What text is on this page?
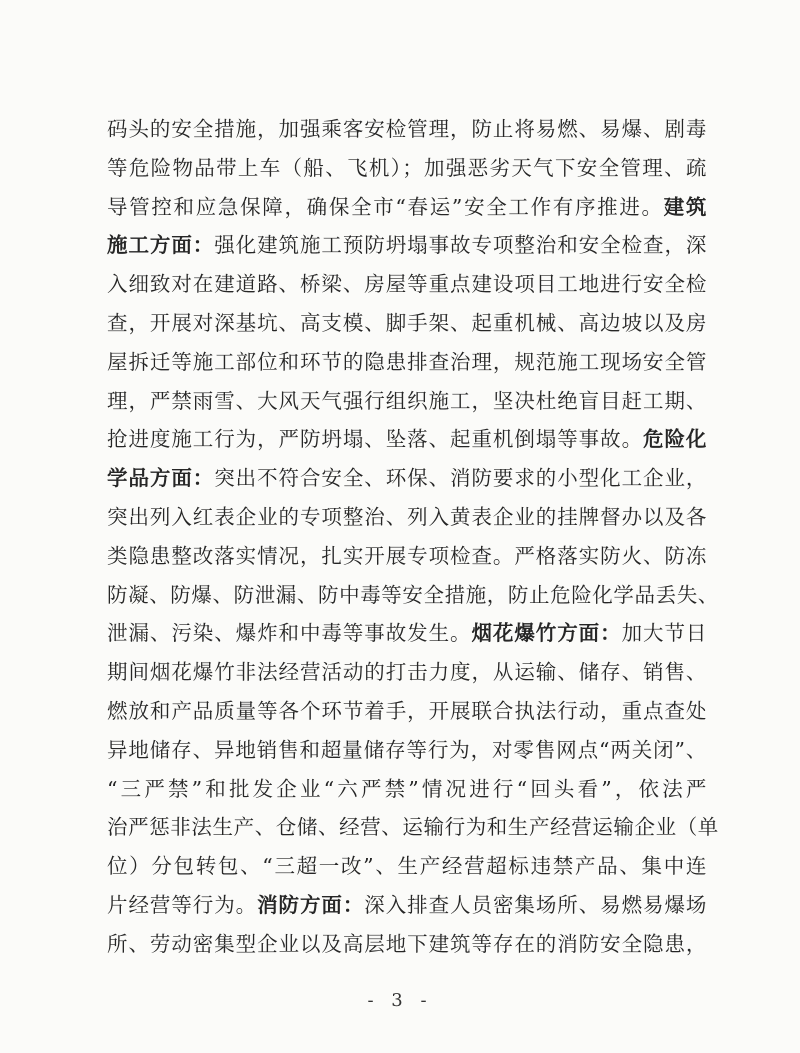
码头的安全措施，加强乘客安检管理，防止将易燃、易爆、剧毒
等危险物品带上车（船、飞机）；加强恶劣天气下安全管理、疏
导管控和应急保障，确保全市“春运”安全工作有序推进。建筑
施工方面：强化建筑施工预防坍塌事故专项整治和安全检查，深
入细致对在建道路、桥梁、房屋等重点建设项目工地进行安全检
查，开展对深基坑、高支模、脚手架、起重机械、高边坡以及房
屋拆迁等施工部位和环节的隐患排查治理，规范施工现场安全管
理，严禁雨雪、大风天气强行组织施工，坚决杜绝盲目赶工期、
抢进度施工行为，严防坍塌、坠落、起重机倒塌等事故。危险化
学品方面：突出不符合安全、环保、消防要求的小型化工企业，
突出列入红表企业的专项整治、列入黄表企业的挂牌督办以及各
类隐患整改落实情况，扎实开展专项检查。严格落实防火、防冻
防凝、防爆、防泄漏、防中毒等安全措施，防止危险化学品丢失、
泄漏、污染、爆炸和中毒等事故发生。烟花爆竹方面：加大节日
期间烟花爆竹非法经营活动的打击力度，从运输、储存、销售、
燃放和产品质量等各个环节着手，开展联合执法行动，重点查处
异地储存、异地销售和超量储存等行为，对零售网点“两关闭”、
“三严禁”和批发企业“六严禁”情况进行“回头看”，依法严
治严惩非法生产、仓储、经营、运输行为和生产经营运输企业（单
位）分包转包、“三超一改”、生产经营超标违禁产品、集中连
片经营等行为。消防方面：深入排查人员密集场所、易燃易爆场
所、劳动密集型企业以及高层地下建筑等存在的消防安全隐患，
- 3 -
